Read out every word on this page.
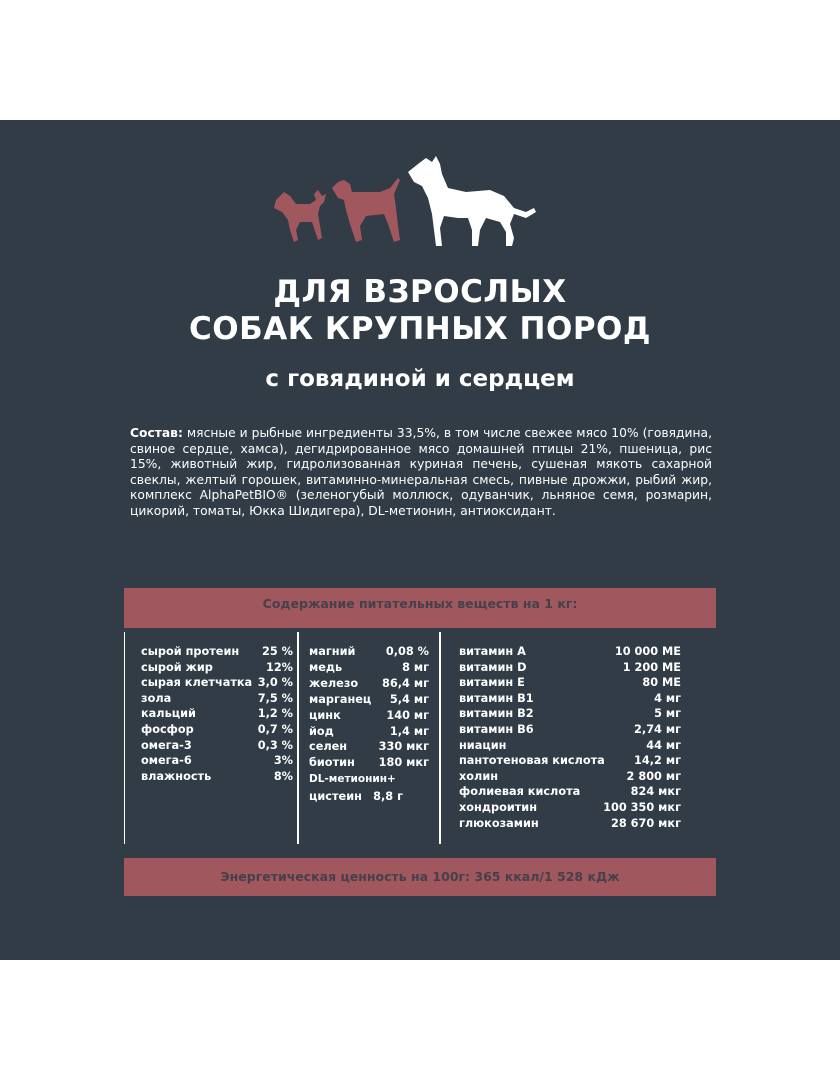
ДЛЯ ВЗРОСЛЫХ
СОБАК КРУПНЫХ ПОРОД
с говядиной и сердцем
Состав: мясные и рыбные ингредиенты 33,5%, в том числе свежее мясо 10% (говядина, свиное сердце, хамса), дегидрированное мясо домашней птицы 21%, пшеница, рис 15%, животный жир, гидролизованная куриная печень, сушеная мякоть сахарной свеклы, желтый горошек, витаминно-минеральная смесь, пивные дрожжи, рыбий жир, комплекс AlphaPetBIO® (зеленогубый моллюск, одуванчик, льняное семя, розмарин, цикорий, томаты, Юкка Шидигера), DL-метионин, антиоксидант.
Содержание питательных веществ на 1 кг:
сырой протеин 25 %
сырой жир	12%
сырая клетчатка 3,0 %
зола	7,5 %
кальций	1,2 %
фосфор	0,7 %
омега-3	0,3 %
омега-6	3%
влажность	8%
магний	0,08 %
медь	8 мг
железо 86,4 мг
марганец 5,4 мг
цинк	140 мг
йод	1,4 мг
селен	330 мкг
биотин 180 мкг
DL-метионин+
цистеин 8,8 г
витамин А	10 000 МЕ
витамин D	1 200 МЕ
витамин Е	80 МЕ
витамин В1	4 мг
витамин В2	5 мг
витамин В6	2,74 мг
ниацин	44 мг
пантотеновая кислота	14,2 мг
холин	2 800 мг
фолиевая кислота	824 мкг
хондроитин	100 350 мкг
глюкозамин	28 670 мкг
Энергетическая ценность на 100г: 365 ккал/1 528 кДж
